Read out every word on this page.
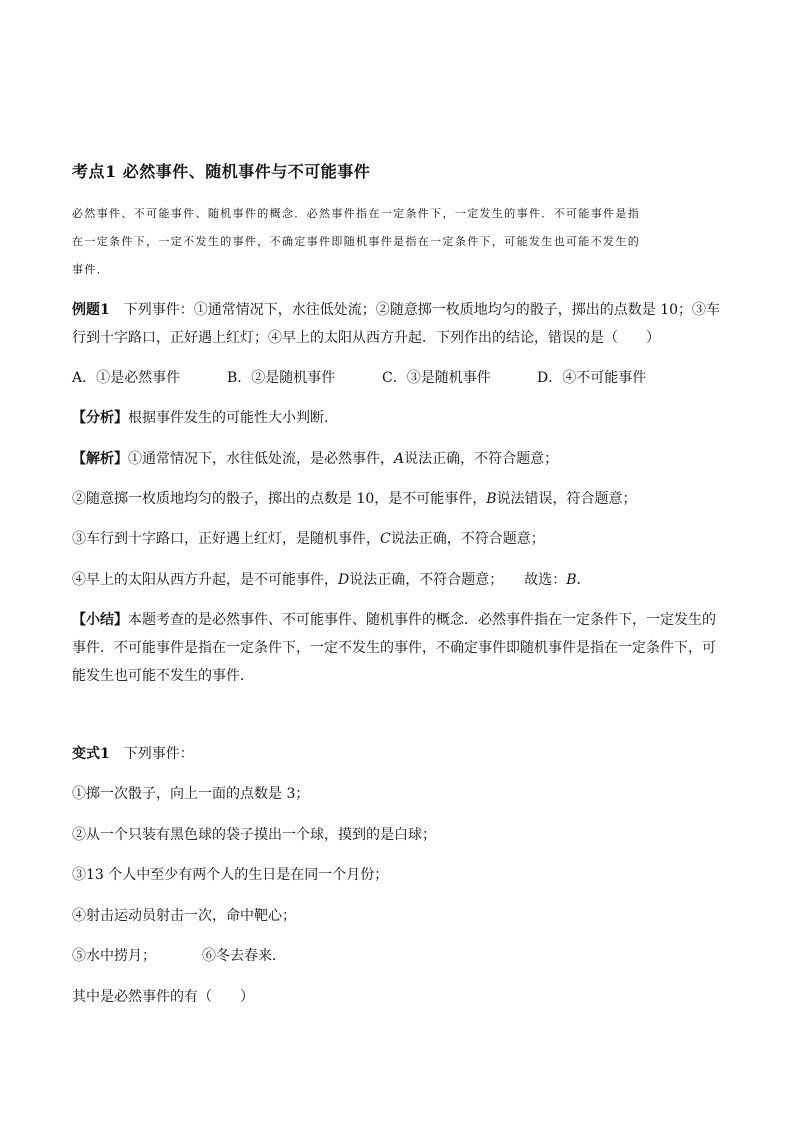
考点1 必然事件、随机事件与不可能事件
必然事件、不可能事件、随机事件的概念．必然事件指在一定条件下，一定发生的事件．不可能事件是指
在一定条件下，一定不发生的事件，不确定事件即随机事件是指在一定条件下，可能发生也可能不发生的
事件．
例题1 下列事件：①通常情况下，水往低处流；②随意掷一枚质地均匀的骰子，掷出的点数是 10；③车
行到十字路口，正好遇上红灯；④早上的太阳从西方升起．下列作出的结论，错误的是（　　）
A．①是必然事件	B．②是随机事件	C．③是随机事件	D．④不可能事件
【分析】根据事件发生的可能性大小判断．
【解析】①通常情况下，水往低处流，是必然事件，A说法正确，不符合题意；
②随意掷一枚质地均匀的骰子，掷出的点数是 10，是不可能事件，B说法错误，符合题意；
③车行到十字路口，正好遇上红灯，是随机事件，C说法正确，不符合题意；
④早上的太阳从西方升起，是不可能事件，D说法正确，不符合题意；　　故选：B．
【小结】本题考查的是必然事件、不可能事件、随机事件的概念．必然事件指在一定条件下，一定发生的
事件．不可能事件是指在一定条件下，一定不发生的事件，不确定事件即随机事件是指在一定条件下，可
能发生也可能不发生的事件．
变式1 下列事件：
①掷一次骰子，向上一面的点数是 3；
②从一个只装有黑色球的袋子摸出一个球，摸到的是白球；
③13 个人中至少有两个人的生日是在同一个月份；
④射击运动员射击一次，命中靶心；
⑤水中捞月；	⑥冬去春来．
其中是必然事件的有（　　）
